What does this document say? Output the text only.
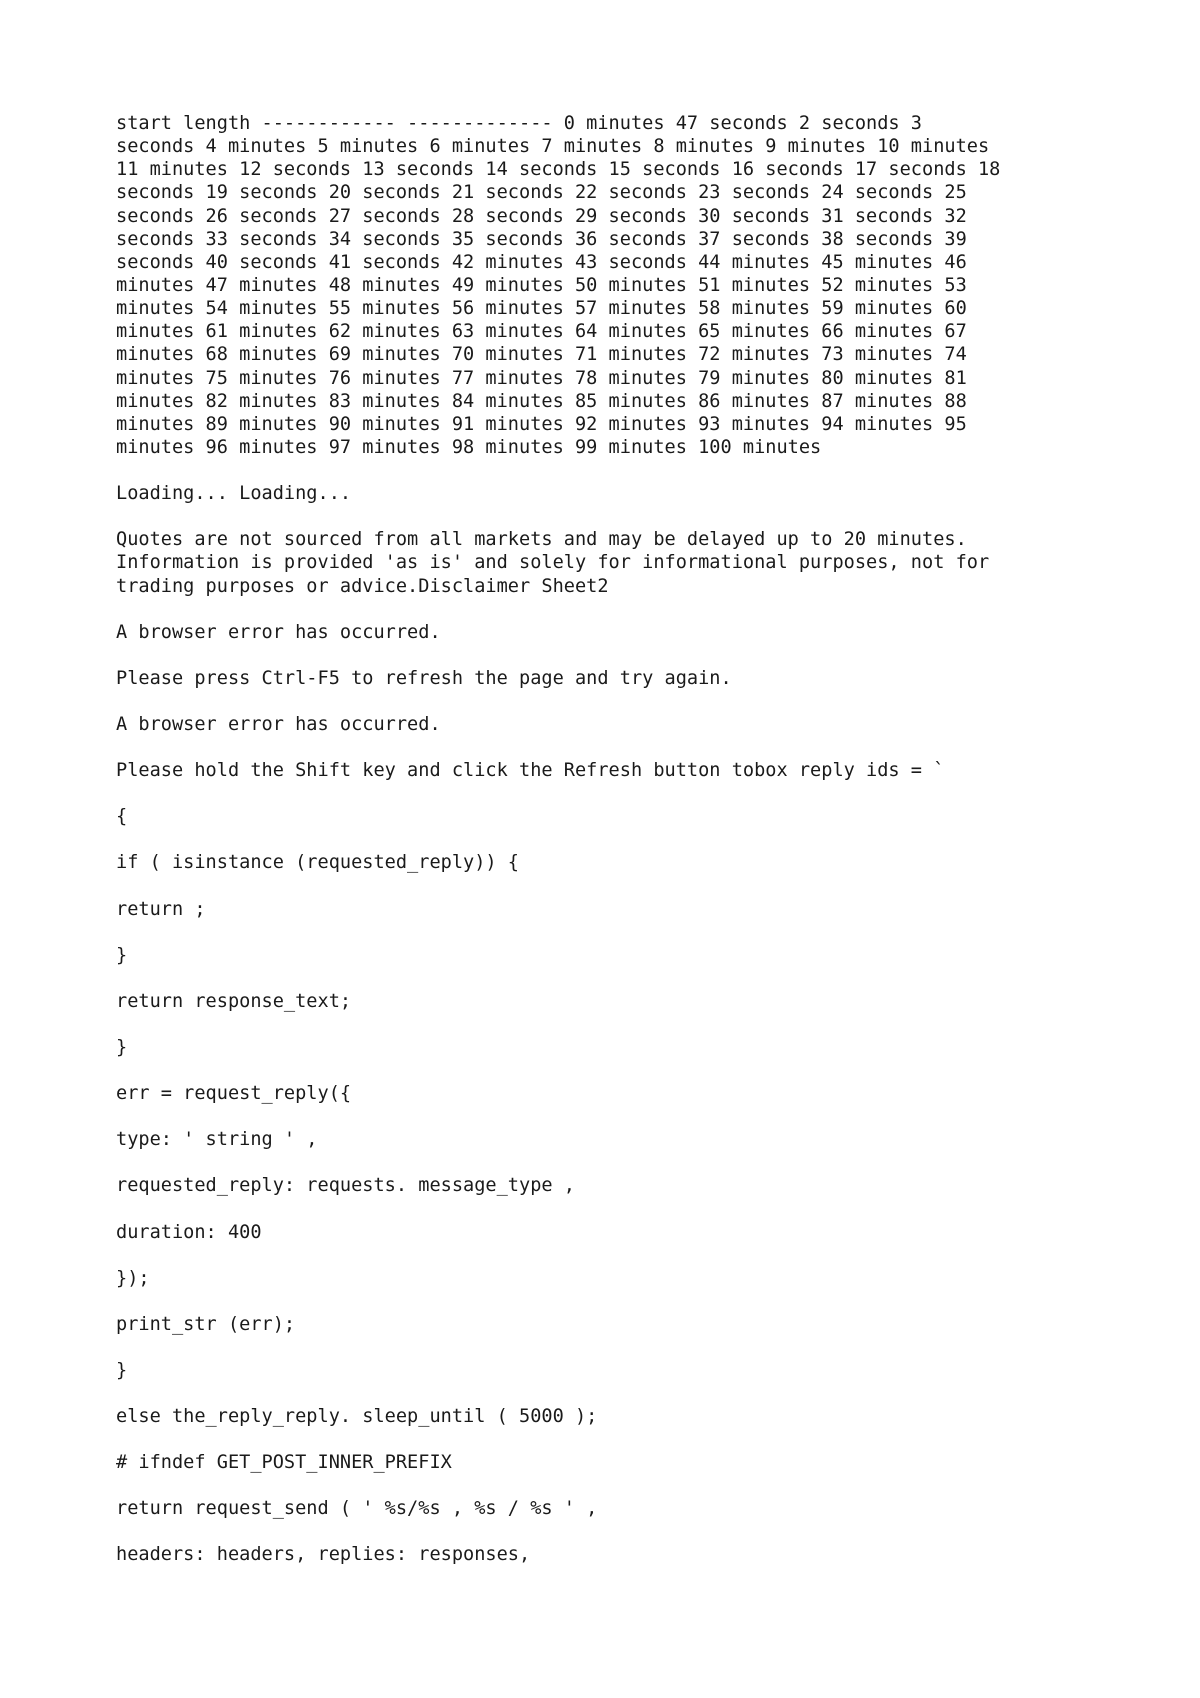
start length ------------ ------------- 0 minutes 47 seconds 2 seconds 3
seconds 4 minutes 5 minutes 6 minutes 7 minutes 8 minutes 9 minutes 10 minutes
11 minutes 12 seconds 13 seconds 14 seconds 15 seconds 16 seconds 17 seconds 18
seconds 19 seconds 20 seconds 21 seconds 22 seconds 23 seconds 24 seconds 25
seconds 26 seconds 27 seconds 28 seconds 29 seconds 30 seconds 31 seconds 32
seconds 33 seconds 34 seconds 35 seconds 36 seconds 37 seconds 38 seconds 39
seconds 40 seconds 41 seconds 42 minutes 43 seconds 44 minutes 45 minutes 46
minutes 47 minutes 48 minutes 49 minutes 50 minutes 51 minutes 52 minutes 53
minutes 54 minutes 55 minutes 56 minutes 57 minutes 58 minutes 59 minutes 60
minutes 61 minutes 62 minutes 63 minutes 64 minutes 65 minutes 66 minutes 67
minutes 68 minutes 69 minutes 70 minutes 71 minutes 72 minutes 73 minutes 74
minutes 75 minutes 76 minutes 77 minutes 78 minutes 79 minutes 80 minutes 81
minutes 82 minutes 83 minutes 84 minutes 85 minutes 86 minutes 87 minutes 88
minutes 89 minutes 90 minutes 91 minutes 92 minutes 93 minutes 94 minutes 95
minutes 96 minutes 97 minutes 98 minutes 99 minutes 100 minutes
Loading... Loading...
Quotes are not sourced from all markets and may be delayed up to 20 minutes.
Information is provided 'as is' and solely for informational purposes, not for
trading purposes or advice.Disclaimer Sheet2
A browser error has occurred.
Please press Ctrl-F5 to refresh the page and try again.
A browser error has occurred.
Please hold the Shift key and click the Refresh button tobox reply ids = `
{
if ( isinstance (requested_reply)) {
return ;
}
return response_text;
}
err = request_reply({
type: ' string ' ,
requested_reply: requests. message_type ,
duration: 400
});
print_str (err);
}
else the_reply_reply. sleep_until ( 5000 );
# ifndef GET_POST_INNER_PREFIX
return request_send ( ' %s/%s , %s / %s ' ,
headers: headers, replies: responses,
